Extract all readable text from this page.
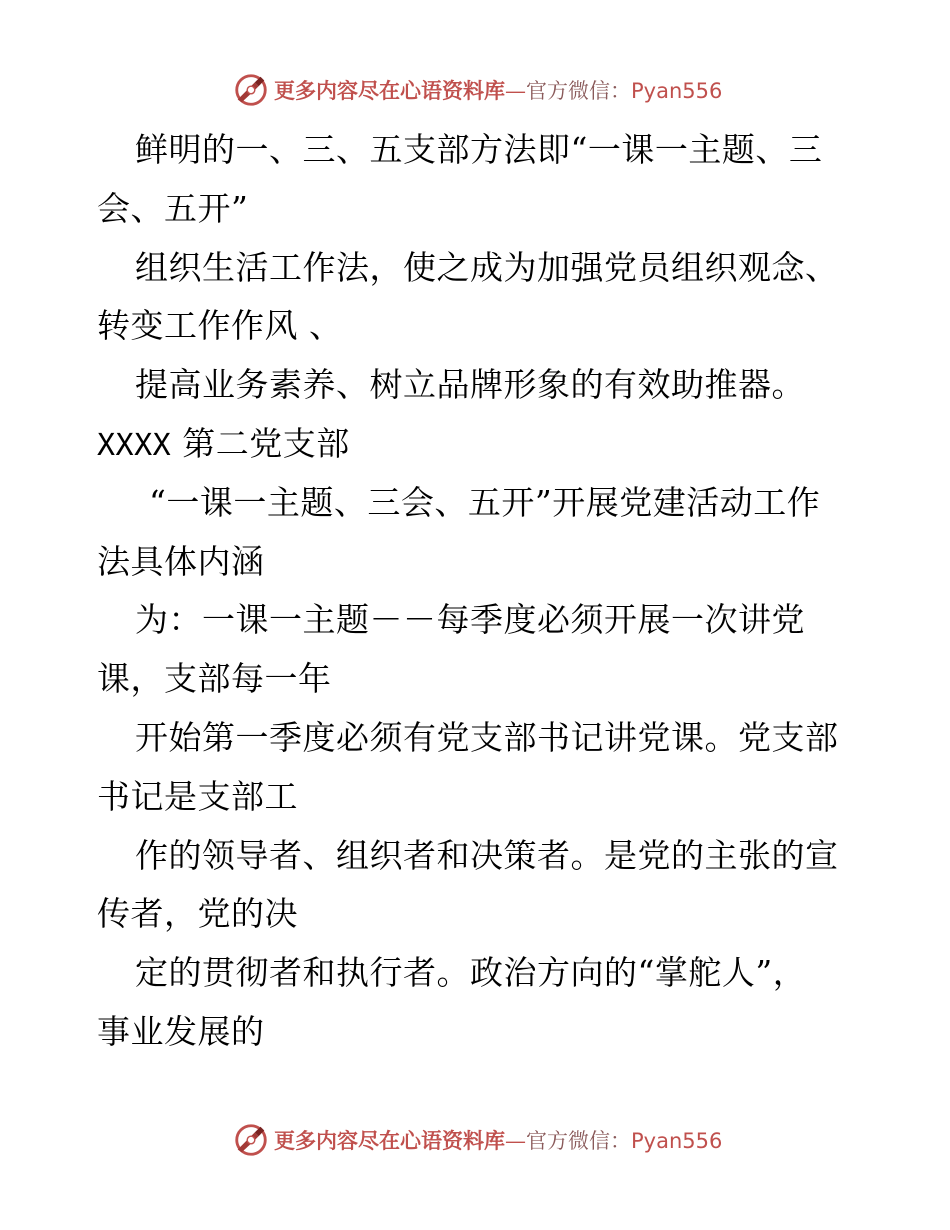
更多内容尽在心语资料库—官方微信：Pyan556
鲜明的一、三、五支部方法即“一课一主题、三
会、五开”
组织生活工作法，使之成为加强党员组织观念、
转变工作作风 、
提高业务素养、树立品牌形象的有效助推器。
XXXX 第二党支部
“一课一主题、三会、五开”开展党建活动工作
法具体内涵
为：一课一主题－－每季度必须开展一次讲党
课，支部每一年
开始第一季度必须有党支部书记讲党课。党支部
书记是支部工
作的领导者、组织者和决策者。是党的主张的宣
传者，党的决
定的贯彻者和执行者。政治方向的“掌舵人”，
事业发展的
更多内容尽在心语资料库—官方微信：Pyan556
